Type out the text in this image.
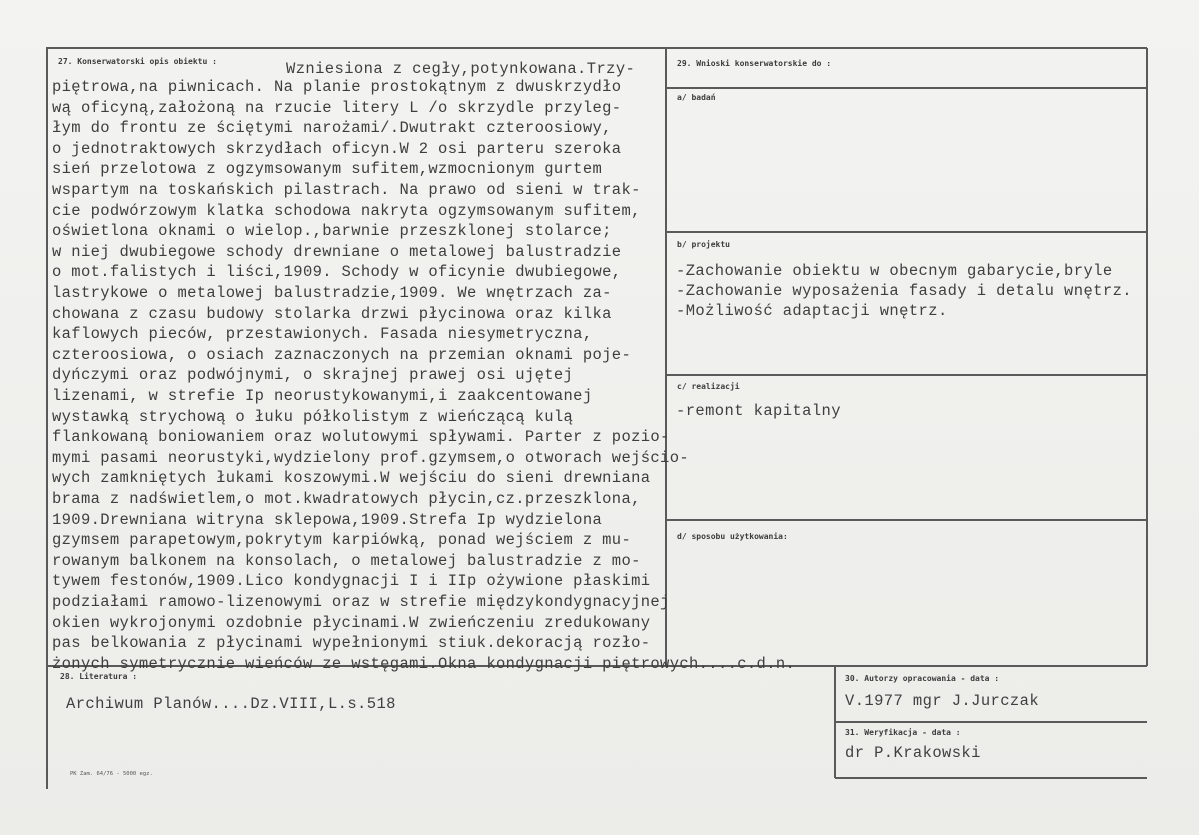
27. Konserwatorski opis obiektu :	Wzniesiona z cegły,potynkowana.Trzy-
piętrowa,na piwnicach. Na planie prostokątnym z dwuskrzydło
wą oficyną,założoną na rzucie litery L /o skrzydle przyleg-
łym do frontu ze ściętymi narożami/.Dwutrakt czteroosiowy,
o jednotraktowych skrzydłach oficyn.W 2 osi parteru szeroka
sień przelotowa z ogzymsowanym sufitem,wzmocnionym gurtem
wspartym na toskańskich pilastrach. Na prawo od sieni w trak-
cie podwórzowym klatka schodowa nakryta ogzymsowanym sufitem,
oświetlona oknami o wielop.,barwnie przeszklonej stolarce;
w niej dwubiegowe schody drewniane o metalowej balustradzie
o mot.falistych i liści,1909. Schody w oficynie dwubiegowe,
lastrykowe o metalowej balustradzie,1909. We wnętrzach za-
chowana z czasu budowy stolarka drzwi płycinowa oraz kilka
kaflowych pieców, przestawionych. Fasada niesymetryczna,
czteroosiowa, o osiach zaznaczonych na przemian oknami poje-
dyńczymi oraz podwójnymi, o skrajnej prawej osi ujętej
lizenami, w strefie Ip neorustykowanymi,i zaakcentowanej
wystawką strychową o łuku półkolistym z wieńczącą kulą
flankowaną boniowaniem oraz wolutowymi spływami. Parter z pozio-
mymi pasami neorustyki,wydzielony prof.gzymsem,o otworach wejścio-
wych zamkniętych łukami koszowymi.W wejściu do sieni drewniana
brama z nadświetlem,o mot.kwadratowych płycin,cz.przeszklona,
1909.Drewniana witryna sklepowa,1909.Strefa Ip wydzielona
gzymsem parapetowym,pokrytym karpiówką, ponad wejściem z mu-
rowanym balkonem na konsolach, o metalowej balustradzie z mo-
tywem festonów,1909.Lico kondygnacji I i IIp ożywione płaskimi
podziałami ramowo-lizenowymi oraz w strefie międzykondygnacyjnej
okien wykrojonymi ozdobnie płycinami.W zwieńczeniu zredukowany
pas belkowania z płycinami wypełnionymi stiuk.dekoracją rozło-
żonych symetrycznie wieńców ze wstęgami.Okna kondygnacji piętrowych....c.d.n.
29. Wnioski konserwatorskie do :
a/ badań
b/ projektu
-Zachowanie obiektu w obecnym gabarycie,bryle
-Zachowanie wyposażenia fasady i detalu wnętrz.
-Możliwość adaptacji wnętrz.
c/ realizacji
-remont kapitalny
d/ sposobu użytkowania:
28. Literatura :
Archiwum Planów....Dz.VIII,L.s.518
30. Autorzy opracowania - data :
V.1977 mgr J.Jurczak
31. Weryfikacja - data :
dr P.Krakowski
PK Zam. 64/76 - 5000 egz.
